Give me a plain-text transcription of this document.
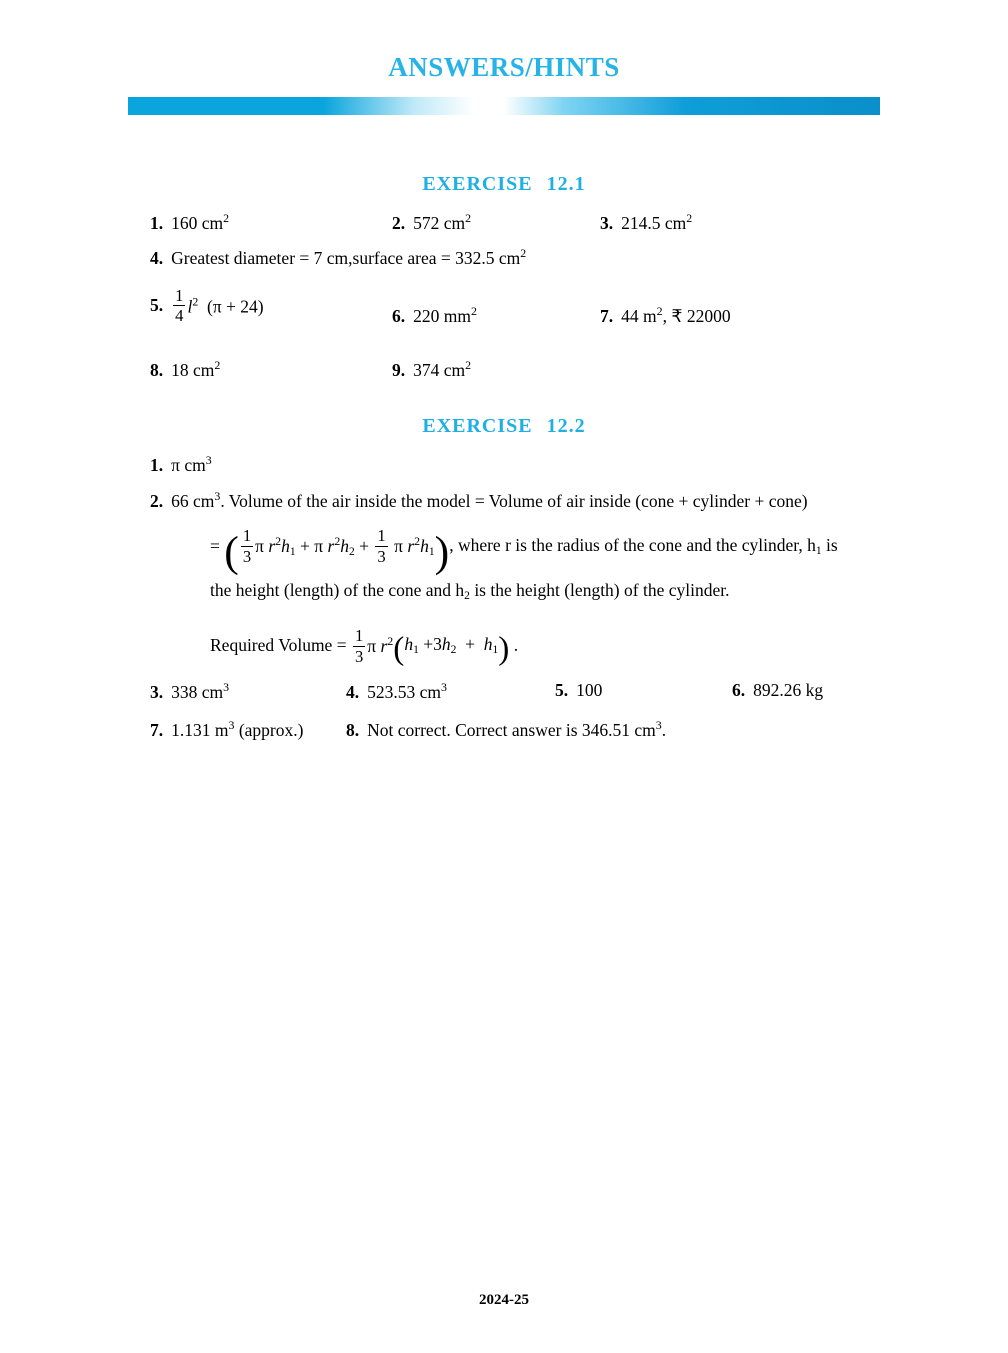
ANSWERS/HINTS
EXERCISE 12.1
1. 160 $cm^2$	2. 572 $cm^2$	3. 214.5 $cm^2$
4. Greatest diameter = 7 cm,surface area = 332.5 $cm^2$
5. $\frac{1}{4} l^2$ (π + 24)	6. 220 $mm^2$	7. 44 $m^2$, ₹ 22000
8. 18 $cm^2$	9. 374 $cm^2$
EXERCISE 12.2
1. π $cm^3$
2. 66 $cm^3$. Volume of the air inside the model = Volume of air inside (cone + cylinder + cone)
= ( $\frac{1}{3}$ π $r^2h_1 + \pi$ $r^2h_2 + \frac{1}{3}$ π $r^2h_1$ ) , where r is the radius of the cone and the cylinder, $h_1$ is
the height (length) of the cone and $h_2$ is the height (length) of the cylinder.
Required Volume =
$\frac{1}{3}$ π $r^2$ ( $h_1 +3h_2 + h_1$ ) .
3. 338 $cm^3$	4. 523.53 $cm^3$	5. 100	6. 892.26 kg
7. 1.131 $m^3$ (approx.) 8. Not correct. Correct answer is 346.51 $cm^3$.
2024-25
